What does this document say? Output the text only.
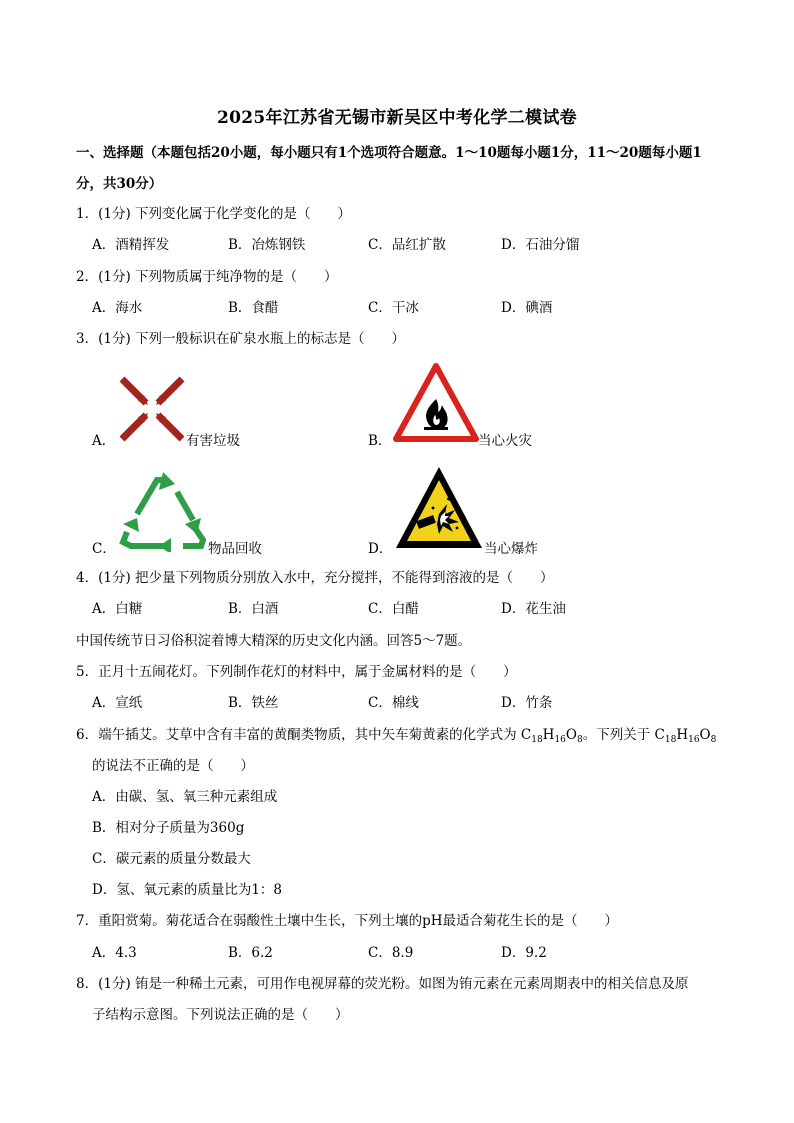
2025年江苏省无锡市新吴区中考化学二模试卷
一、选择题（本题包括20小题，每小题只有1个选项符合题意。1～10题每小题1分，11～20题每小题1
分，共30分）
1．(1分) 下列变化属于化学变化的是（　　）
A．酒精挥发	B．冶炼钢铁	C．品红扩散	D．石油分馏
2．(1分) 下列物质属于纯净物的是（　　）
A．海水	B．食醋	C．干冰	D．碘酒
3．(1分) 下列一般标识在矿泉水瓶上的标志是（　　）
A．	有害垃圾	B．	当心火灾
C．	物品回收	D．	当心爆炸
4．(1分) 把少量下列物质分别放入水中，充分搅拌，不能得到溶液的是（　　）
A．白糖	B．白酒	C．白醋	D．花生油
中国传统节日习俗积淀着博大精深的历史文化内涵。回答5～7题。
5．正月十五闹花灯。下列制作花灯的材料中，属于金属材料的是（　　）
A．宣纸	B．铁丝	C．棉线	D．竹条
6．端午插艾。艾草中含有丰富的黄酮类物质，其中矢车菊黄素的化学式为 $C_{18}H_{16}O_8$。下列关于 $C_{18}H_{16}O_8$
的说法不正确的是（　　）
A．由碳、氢、氧三种元素组成
B．相对分子质量为360g
C．碳元素的质量分数最大
D．氢、氧元素的质量比为1：8
7．重阳赏菊。菊花适合在弱酸性土壤中生长，下列土壤的pH最适合菊花生长的是（　　）
A．4.3	B．6.2	C．8.9	D．9.2
8．(1分) 铕是一种稀土元素，可用作电视屏幕的荧光粉。如图为铕元素在元素周期表中的相关信息及原
子结构示意图。下列说法正确的是（　　）
